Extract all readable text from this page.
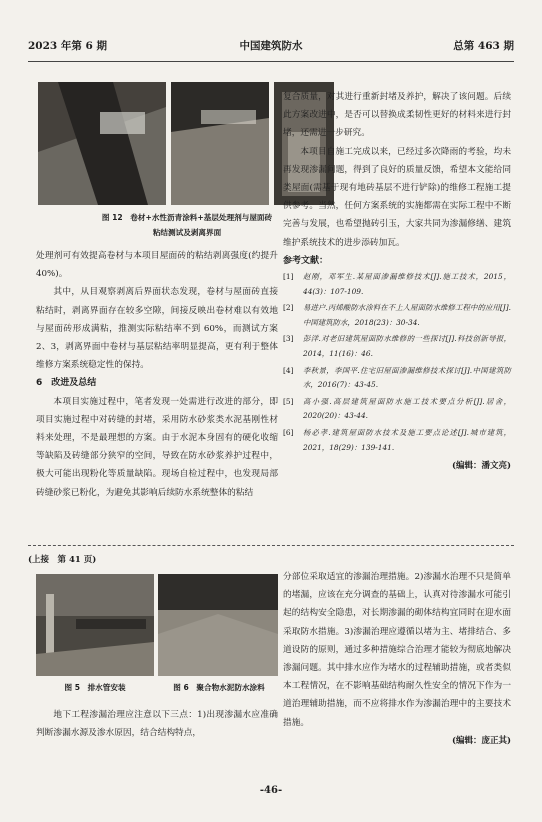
2023 年第 6 期	中国建筑防水	总第 463 期
图 12　卷材+水性沥青涂料+基层处理剂与屋面砖
粘结测试及剥离界面

处理剂可有效提高卷材与本项目屋面砖的粘结剥离强度(约提升 40%)。

其中，从目观察剥离后界面状态发现，卷材与屋面砖直接粘结时，剥离界面存在较多空隙，间接反映出卷材难以有效地与屋面砖形成满粘，推测实际粘结率不到 60%，而测试方案 2、3，剥离界面中卷材与基层粘结率明显提高，更有利于整体维修方案系统稳定性的保持。

6　改进及总结

本项目实施过程中，笔者发现一处需进行改进的部分，即项目实施过程中对砖缝的封堵，采用防水砂浆类水泥基刚性材料来处理，不是最理想的方案。由于水泥本身固有的硬化收缩等缺陷及砖缝部分狭窄的空间，导致在防水砂浆养护过程中，极大可能出现粉化等质量缺陷。现场自检过程中，也发现局部砖缝砂浆已粉化，为避免其影响后续防水系统整体的粘结

复合质量，对其进行重新封堵及养护，解决了该问题。后续此方案改进中，是否可以替换成柔韧性更好的材料来进行封堵，还需进一步研究。

本项目自施工完成以来，已经过多次降雨的考验，均未再发现渗漏问题，得到了良好的质量反馈，希望本文能给同类屋面(需基于现有地砖基层不进行铲除)的维修工程施工提供参考。当然，任何方案系统的实施都需在实际工程中不断完善与发展，也希望抛砖引玉，大家共同为渗漏修缮、建筑维护系统技术的进步添砖加瓦。

参考文献：

[1]	赵刚，邓军生.某屋面渗漏维修技术[J].施工技术，2015，44(3)：107-109.
[2]	易进户.丙烯酸防水涂料在不上人屋面防水维修工程中的应用[J].中国建筑防水，2018(23)：30-34.
[3]	彭洋.对老旧建筑屋面防水维修的一些探讨[J].科技创新导报，2014，11(16)：46.
[4]	李秋景，李国平.住宅旧屋面渗漏维修技术探讨[J].中国建筑防水，2016(7)：43-45.
[5]	高小强.高层建筑屋面防水施工技术要点分析[J].居舍，2020(20)：43-44.
[6]	杨必孝.建筑屋面防水技术及施工要点论述[J].城市建筑，2021，18(29)：139-141.

(编辑：潘文亮)

(上接　第 41 页)
图 5　排水管安装	图 6　聚合物水泥防水涂料

地下工程渗漏治理应注意以下三点：1)出现渗漏水应准确判断渗漏水源及渗水原因，结合结构特点，

分部位采取适宜的渗漏治理措施。2)渗漏水治理不只是简单的堵漏，应该在充分调查的基础上，认真对待渗漏水可能引起的结构安全隐患，对长期渗漏的砌体结构宜同时在迎水面采取防水措施。3)渗漏治理应遵循以堵为主、堵排结合、多道设防的原则，通过多种措施综合治理才能较为彻底地解决渗漏问题。其中排水应作为堵水的过程辅助措施，或者类似本工程情况，在不影响基础结构耐久性安全的情况下作为一道治理辅助措施，而不应将排水作为渗漏治理中的主要技术措施。

(编辑：庞正其)

-46-
